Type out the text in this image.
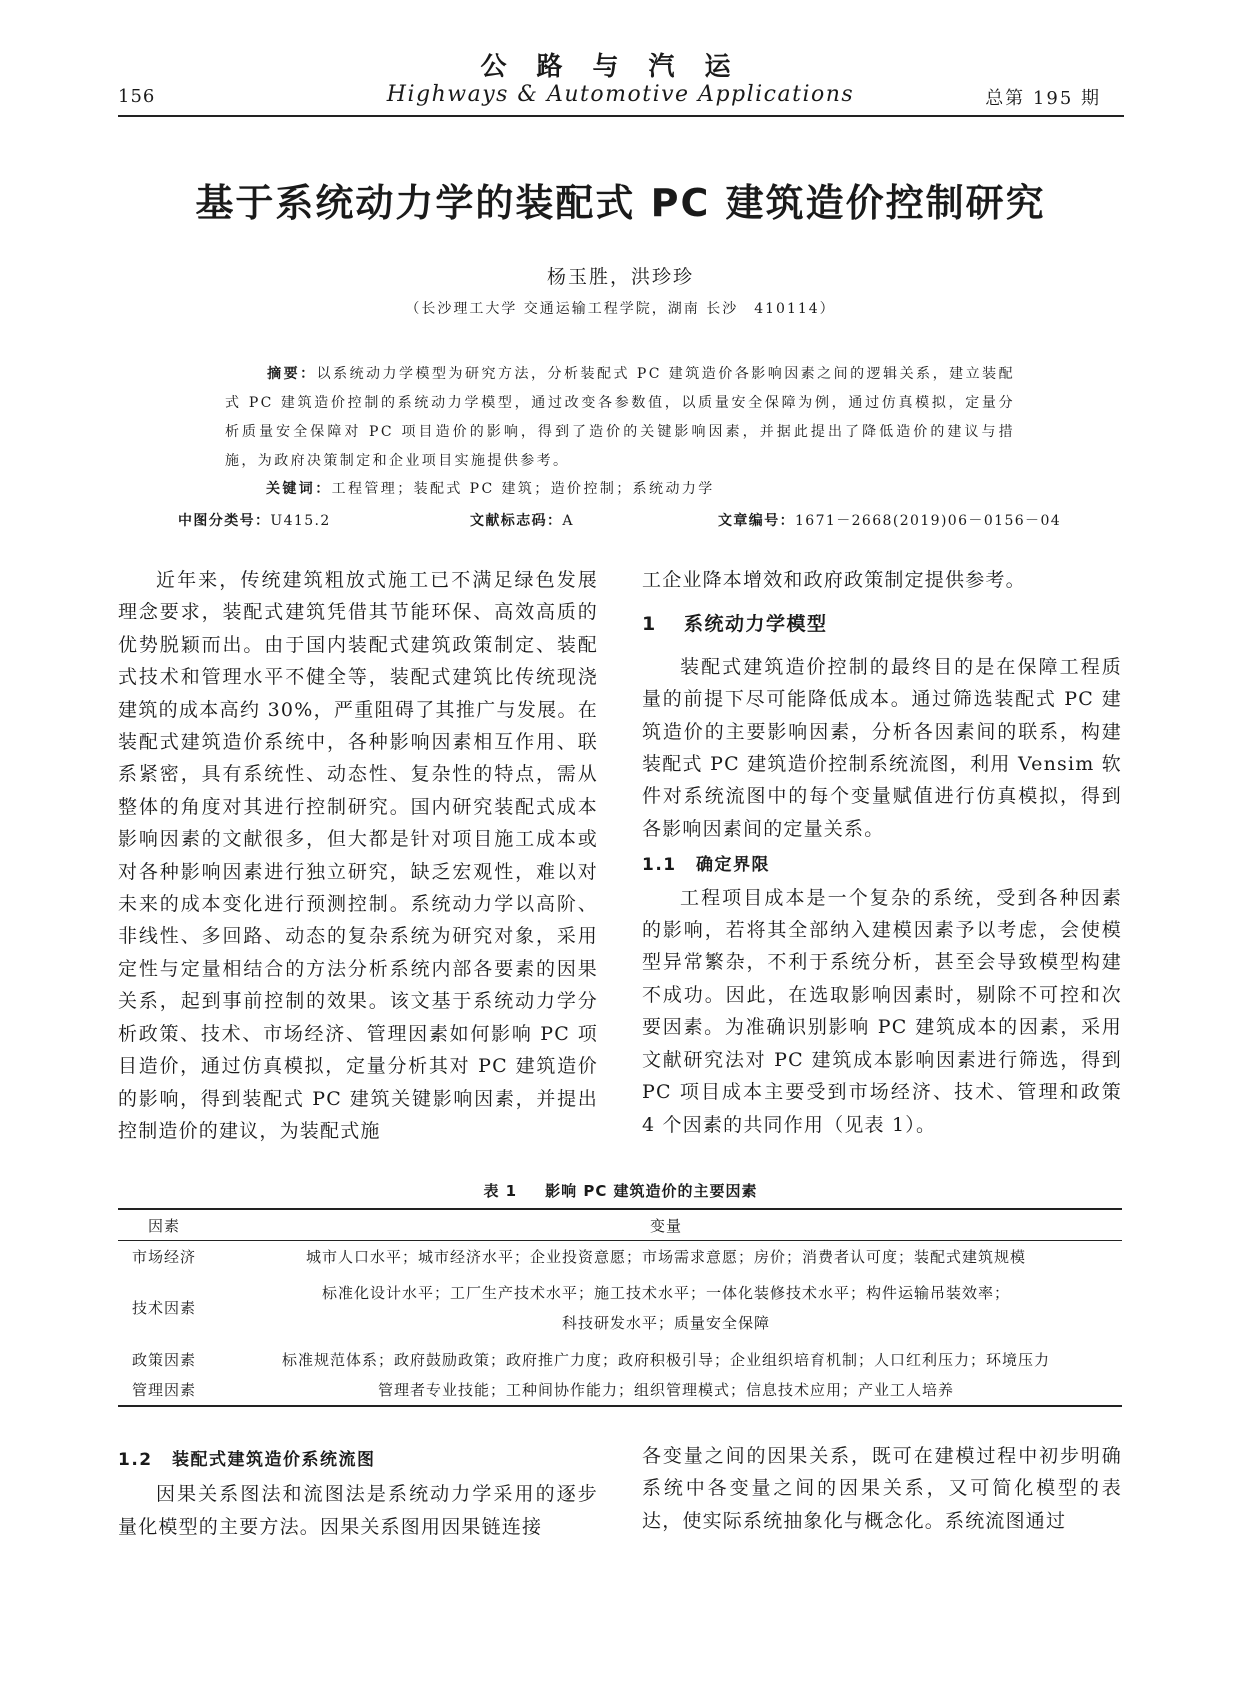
公路与汽运
156	Highways & Automotive Applications	总第 195 期
基于系统动力学的装配式 PC 建筑造价控制研究
杨玉胜，洪珍珍
（长沙理工大学 交通运输工程学院，湖南 长沙　410114）
摘要：以系统动力学模型为研究方法，分析装配式 PC 建筑造价各影响因素之间的逻辑关系，建立装配式 PC 建筑造价控制的系统动力学模型，通过改变各参数值，以质量安全保障为例，通过仿真模拟，定量分析质量安全保障对 PC 项目造价的影响，得到了造价的关键影响因素，并据此提出了降低造价的建议与措施，为政府决策制定和企业项目实施提供参考。
关键词：工程管理；装配式 PC 建筑；造价控制；系统动力学
中图分类号：U415.2	文献标志码：A	文章编号：1671－2668(2019)06－0156－04

近年来，传统建筑粗放式施工已不满足绿色发展理念要求，装配式建筑凭借其节能环保、高效高质的优势脱颖而出。由于国内装配式建筑政策制定、装配式技术和管理水平不健全等，装配式建筑比传统现浇建筑的成本高约 30%，严重阻碍了其推广与发展。在装配式建筑造价系统中，各种影响因素相互作用、联系紧密，具有系统性、动态性、复杂性的特点，需从整体的角度对其进行控制研究。国内研究装配式成本影响因素的文献很多，但大都是针对项目施工成本或对各种影响因素进行独立研究，缺乏宏观性，难以对未来的成本变化进行预测控制。系统动力学以高阶、非线性、多回路、动态的复杂系统为研究对象，采用定性与定量相结合的方法分析系统内部各要素的因果关系，起到事前控制的效果。该文基于系统动力学分析政策、技术、市场经济、管理因素如何影响 PC 项目造价，通过仿真模拟，定量分析其对 PC 建筑造价的影响，得到装配式 PC 建筑关键影响因素，并提出控制造价的建议，为装配式施

工企业降本增效和政府政策制定提供参考。

1 系统动力学模型

装配式建筑造价控制的最终目的是在保障工程质量的前提下尽可能降低成本。通过筛选装配式 PC 建筑造价的主要影响因素，分析各因素间的联系，构建装配式 PC 建筑造价控制系统流图，利用 Vensim 软件对系统流图中的每个变量赋值进行仿真模拟，得到各影响因素间的定量关系。

1.1 确定界限

工程项目成本是一个复杂的系统，受到各种因素的影响，若将其全部纳入建模因素予以考虑，会使模型异常繁杂，不利于系统分析，甚至会导致模型构建不成功。因此，在选取影响因素时，剔除不可控和次要因素。为准确识别影响 PC 建筑成本的因素，采用文献研究法对 PC 建筑成本影响因素进行筛选，得到 PC 项目成本主要受到市场经济、技术、管理和政策 4 个因素的共同作用（见表 1）。

表 1 影响 PC 建筑造价的主要因素
因素	变量
市场经济	城市人口水平；城市经济水平；企业投资意愿；市场需求意愿；房价；消费者认可度；装配式建筑规模
技术因素	标准化设计水平；工厂生产技术水平；施工技术水平；一体化装修技术水平；构件运输吊装效率；
科技研发水平；质量安全保障

政策因素	标准规范体系；政府鼓励政策；政府推广力度；政府积极引导；企业组织培育机制；人口红利压力；环境压力
管理因素	管理者专业技能；工种间协作能力；组织管理模式；信息技术应用；产业工人培养
1.2 装配式建筑造价系统流图

因果关系图法和流图法是系统动力学采用的逐步量化模型的主要方法。因果关系图用因果链连接

各变量之间的因果关系，既可在建模过程中初步明确系统中各变量之间的因果关系，又可简化模型的表达，使实际系统抽象化与概念化。系统流图通过
